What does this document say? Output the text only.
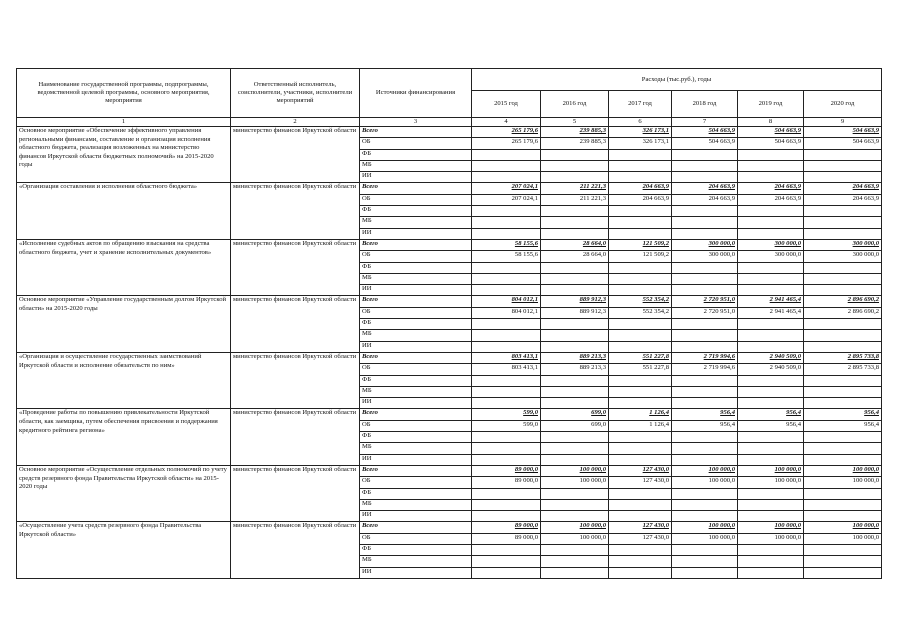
Наименование государственной программы, подпрограммы, ведомственной целевой программы, основного мероприятия, мероприятия	Ответственный исполнитель, соисполнители, участники, исполнители мероприятий	Источники финансирования	Расходы (тыс.руб.), годы					
			2015 год	2016 год	2017 год	2018 год	2019 год	2020 год
1	2	3	4	5	6	7	8	9
Основное мероприятие «Обеспечение эффективного управления региональными финансами, составление и организация исполнения областного бюджета, реализация возложенных на министерство финансов Иркутской области бюджетных полномочий» на 2015-2020 годы	министерство финансов Иркутской области	Всего	265 179,6	239 885,3	326 173,1	504 663,9	504 663,9	504 663,9
		ОБ	265 179,6	239 885,3	326 173,1	504 663,9	504 663,9	504 663,9
		ФБ						
		МБ						
		ИИ						
«Организация составления и исполнения областного бюджета»	министерство финансов Иркутской области	Всего	207 024,1	211 221,3	204 663,9	204 663,9	204 663,9	204 663,9
		ОБ	207 024,1	211 221,3	204 663,9	204 663,9	204 663,9	204 663,9
		ФБ						
		МБ						
		ИИ						
«Исполнение судебных актов по обращению взыскания на средства областного бюджета, учет и хранение исполнительных документов»	министерство финансов Иркутской области	Всего	58 155,6	28 664,0	121 509,2	300 000,0	300 000,0	300 000,0
		ОБ	58 155,6	28 664,0	121 509,2	300 000,0	300 000,0	300 000,0
		ФБ						
		МБ						
		ИИ						
Основное мероприятие «Управление государственным долгом Иркутской области» на 2015-2020 годы	министерство финансов Иркутской области	Всего	804 012,1	889 912,3	552 354,2	2 720 951,0	2 941 465,4	2 896 690,2
		ОБ	804 012,1	889 912,3	552 354,2	2 720 951,0	2 941 465,4	2 896 690,2
		ФБ						
		МБ						
		ИИ						
«Организация и осуществление государственных заимствований Иркутской области и исполнение обязательств по ним»	министерство финансов Иркутской области	Всего	803 413,1	889 213,3	551 227,8	2 719 994,6	2 940 509,0	2 895 733,8
		ОБ	803 413,1	889 213,3	551 227,8	2 719 994,6	2 940 509,0	2 895 733,8
		ФБ						
		МБ						
		ИИ						
«Проведение работы по повышению привлекательности Иркутской области, как заемщика, путем обеспечения присвоения и поддержания кредитного рейтинга региона»	министерство финансов Иркутской области	Всего	599,0	699,0	1 126,4	956,4	956,4	956,4
		ОБ	599,0	699,0	1 126,4	956,4	956,4	956,4
		ФБ						
		МБ						
		ИИ						
Основное мероприятие «Осуществление отдельных полномочий по учету средств резервного фонда Правительства Иркутской области» на 2015-2020 годы	министерство финансов Иркутской области	Всего	89 000,0	100 000,0	127 430,0	100 000,0	100 000,0	100 000,0
		ОБ	89 000,0	100 000,0	127 430,0	100 000,0	100 000,0	100 000,0
		ФБ						
		МБ						
		ИИ						
«Осуществление учета средств резервного фонда Правительства Иркутской области»	министерство финансов Иркутской области	Всего	89 000,0	100 000,0	127 430,0	100 000,0	100 000,0	100 000,0
		ОБ	89 000,0	100 000,0	127 430,0	100 000,0	100 000,0	100 000,0
		ФБ						
		МБ						
		ИИ						
